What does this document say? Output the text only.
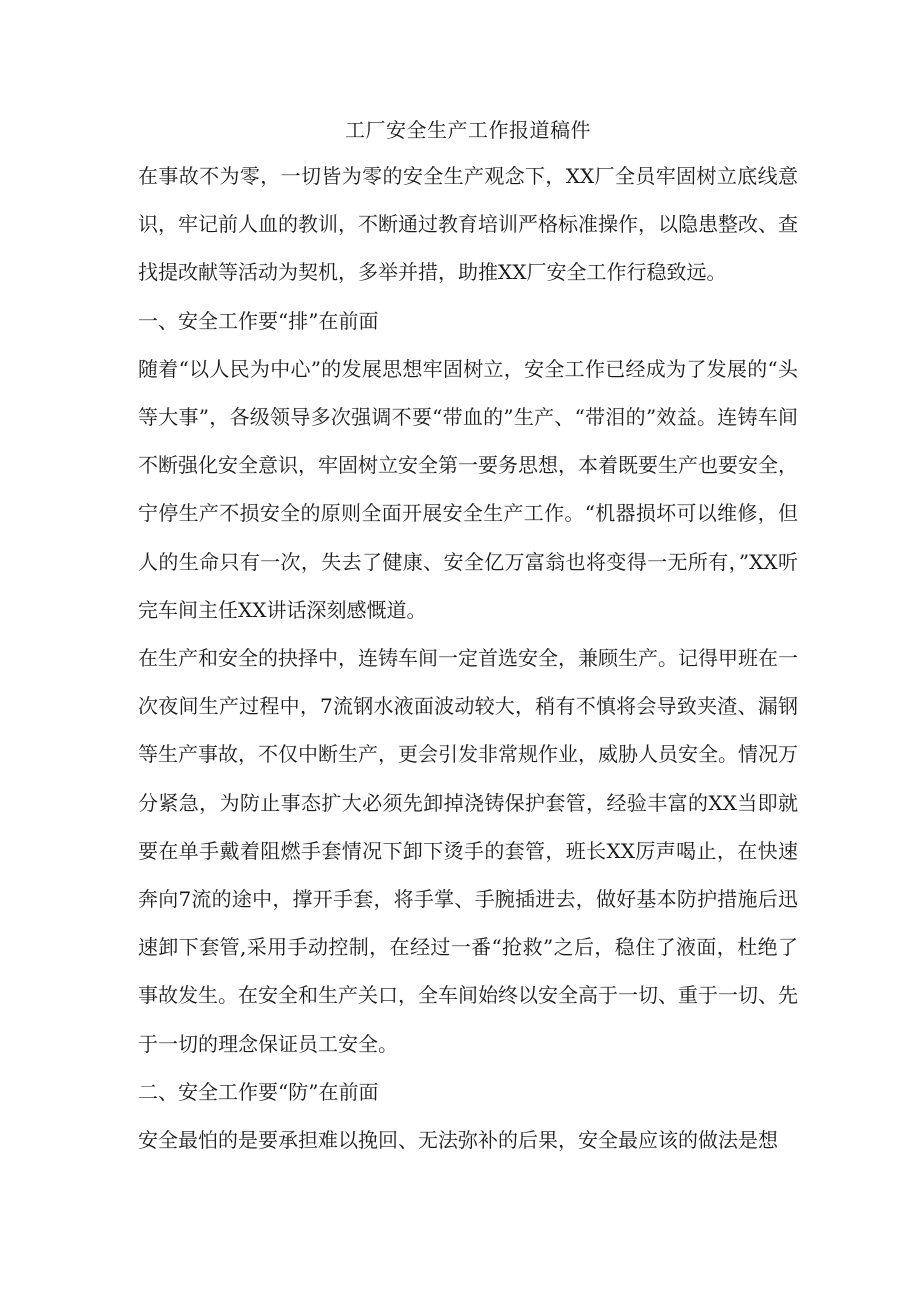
工厂安全生产工作报道稿件

在事故不为零，一切皆为零的安全生产观念下，XX厂全员牢固树立底线意识，牢记前人血的教训，不断通过教育培训严格标准操作，以隐患整改、查找提改献等活动为契机，多举并措，助推XX厂安全工作行稳致远。

一、安全工作要“排”在前面

随着“以人民为中心”的发展思想牢固树立，安全工作已经成为了发展的“头等大事”，各级领导多次强调不要“带血的”生产、“带泪的”效益。连铸车间不断强化安全意识，牢固树立安全第一要务思想，本着既要生产也要安全，宁停生产不损安全的原则全面开展安全生产工作。“机器损坏可以维修，但人的生命只有一次，失去了健康、安全亿万富翁也将变得一无所有，”XX听完车间主任XX讲话深刻感慨道。

在生产和安全的抉择中，连铸车间一定首选安全，兼顾生产。记得甲班在一次夜间生产过程中，7流钢水液面波动较大，稍有不慎将会导致夹渣、漏钢等生产事故，不仅中断生产，更会引发非常规作业，威胁人员安全。情况万分紧急，为防止事态扩大必须先卸掉浇铸保护套管，经验丰富的XX当即就要在单手戴着阻燃手套情况下卸下烫手的套管，班长XX厉声喝止，在快速奔向7流的途中，撑开手套，将手掌、手腕插进去，做好基本防护措施后迅速卸下套管,采用手动控制，在经过一番“抢救”之后，稳住了液面，杜绝了事故发生。在安全和生产关口，全车间始终以安全高于一切、重于一切、先于一切的理念保证员工安全。

二、安全工作要“防”在前面

安全最怕的是要承担难以挽回、无法弥补的后果，安全最应该的做法是想
